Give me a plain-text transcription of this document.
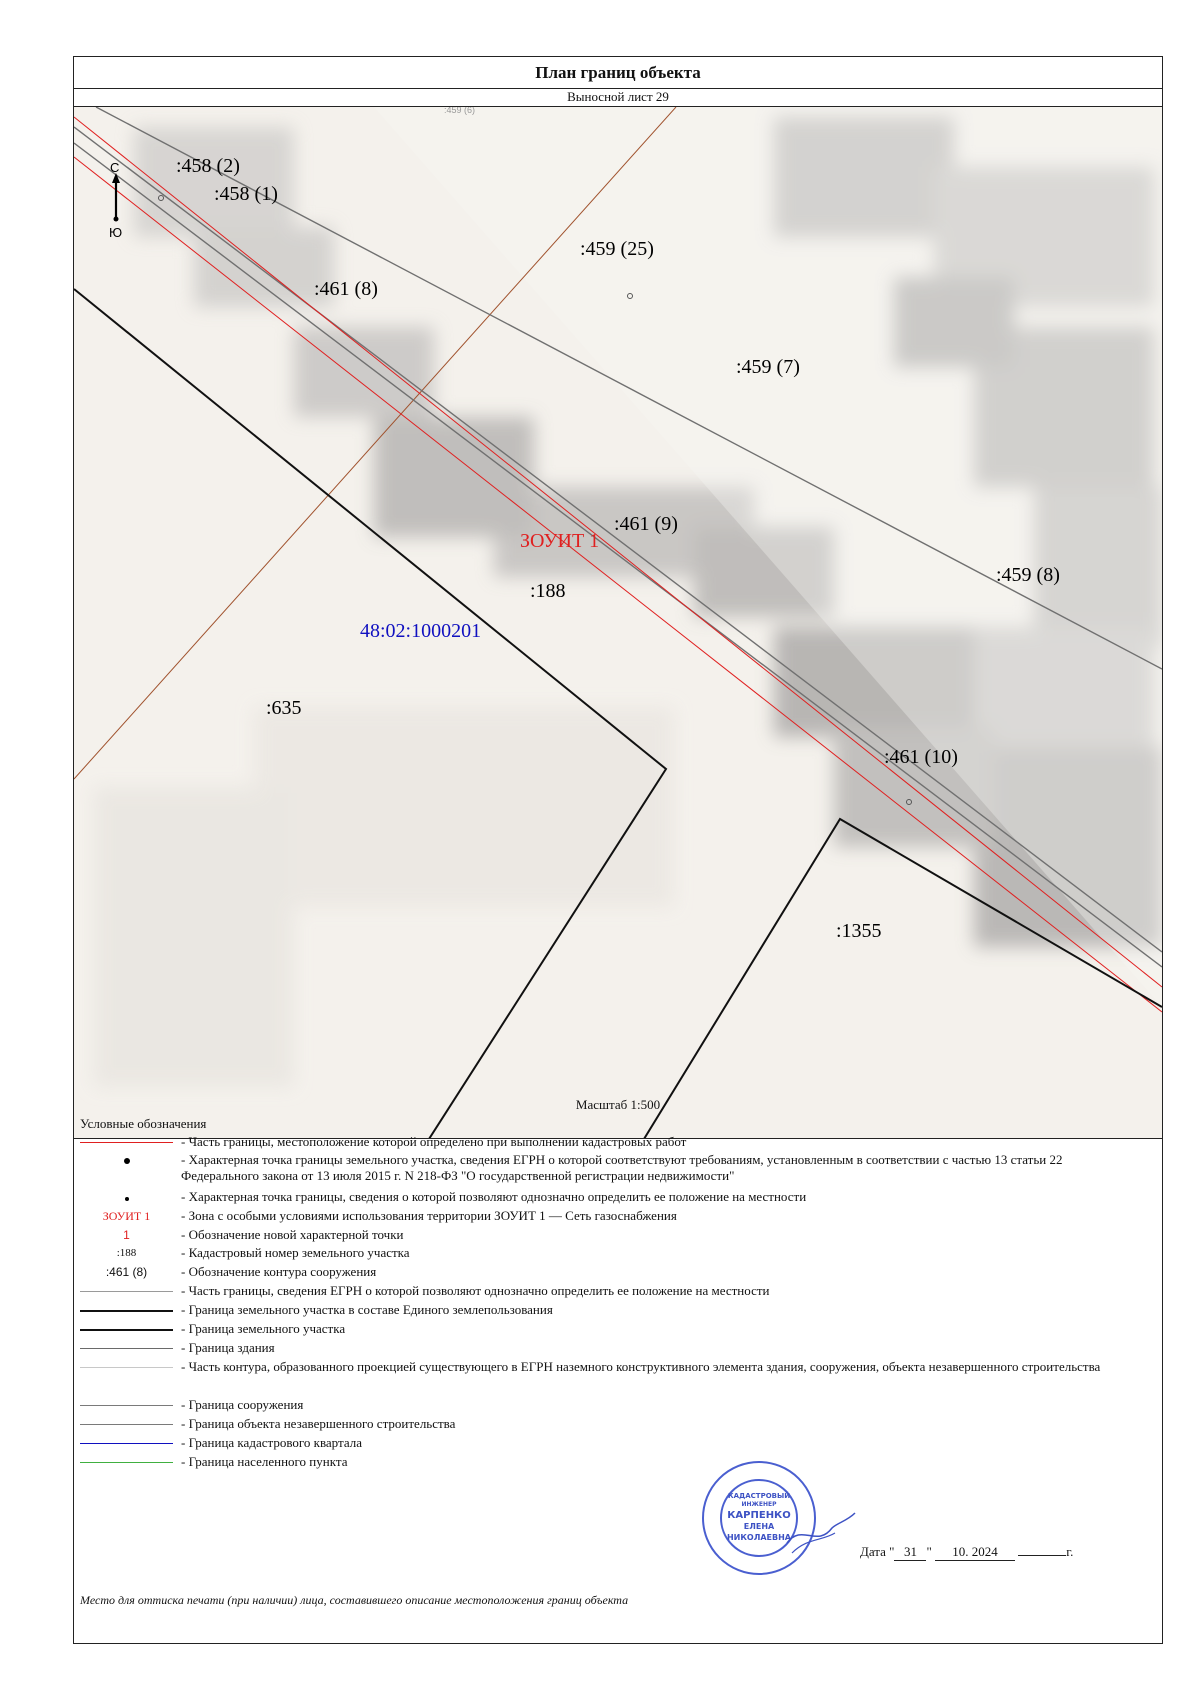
План границ объекта
Выносной лист 29
С
Ю
:459 (6)
:458 (2)
:458 (1)
:459 (25)
:461 (8)
:459 (7)
ЗОУИТ 1
:461 (9)
:459 (8)
:188
48:02:1000201
:635
:461 (10)
:1355
Масштаб 1:500
Условные обозначения
- Часть границы, местоположение которой определено при выполнении кадастровых работ
- Характерная точка границы земельного участка, сведения ЕГРН о которой соответствуют требованиям, установленным в соответствии с частью 13 статьи 22 Федерального закона от 13 июля 2015 г. N 218-ФЗ "О государственной регистрации недвижимости"
- Характерная точка границы, сведения о которой позволяют однозначно определить ее положение на местности
ЗОУИТ 1	- Зона с особыми условиями использования территории ЗОУИТ 1 — Сеть газоснабжения
1	- Обозначение новой характерной точки
:188	- Кадастровый номер земельного участка
:461 (8)	- Обозначение контура сооружения
- Часть границы, сведения ЕГРН о которой позволяют однозначно определить ее положение на местности
- Граница земельного участка в составе Единого землепользования
- Граница земельного участка
- Граница здания
- Часть контура, образованного проекцией существующего в ЕГРН наземного конструктивного элемента здания, сооружения, объекта незавершенного строительства
- Граница сооружения
- Граница объекта незавершенного строительства
- Граница кадастрового квартала
- Граница населенного пункта
КАДАСТРОВЫЙ
ИНЖЕНЕР
КАРПЕНКО
ЕЛЕНА
НИКОЛАЕВНА
Дата " 31 " 10. 2024	г.
Место для оттиска печати (при наличии) лица, составившего описание местоположения границ объекта
